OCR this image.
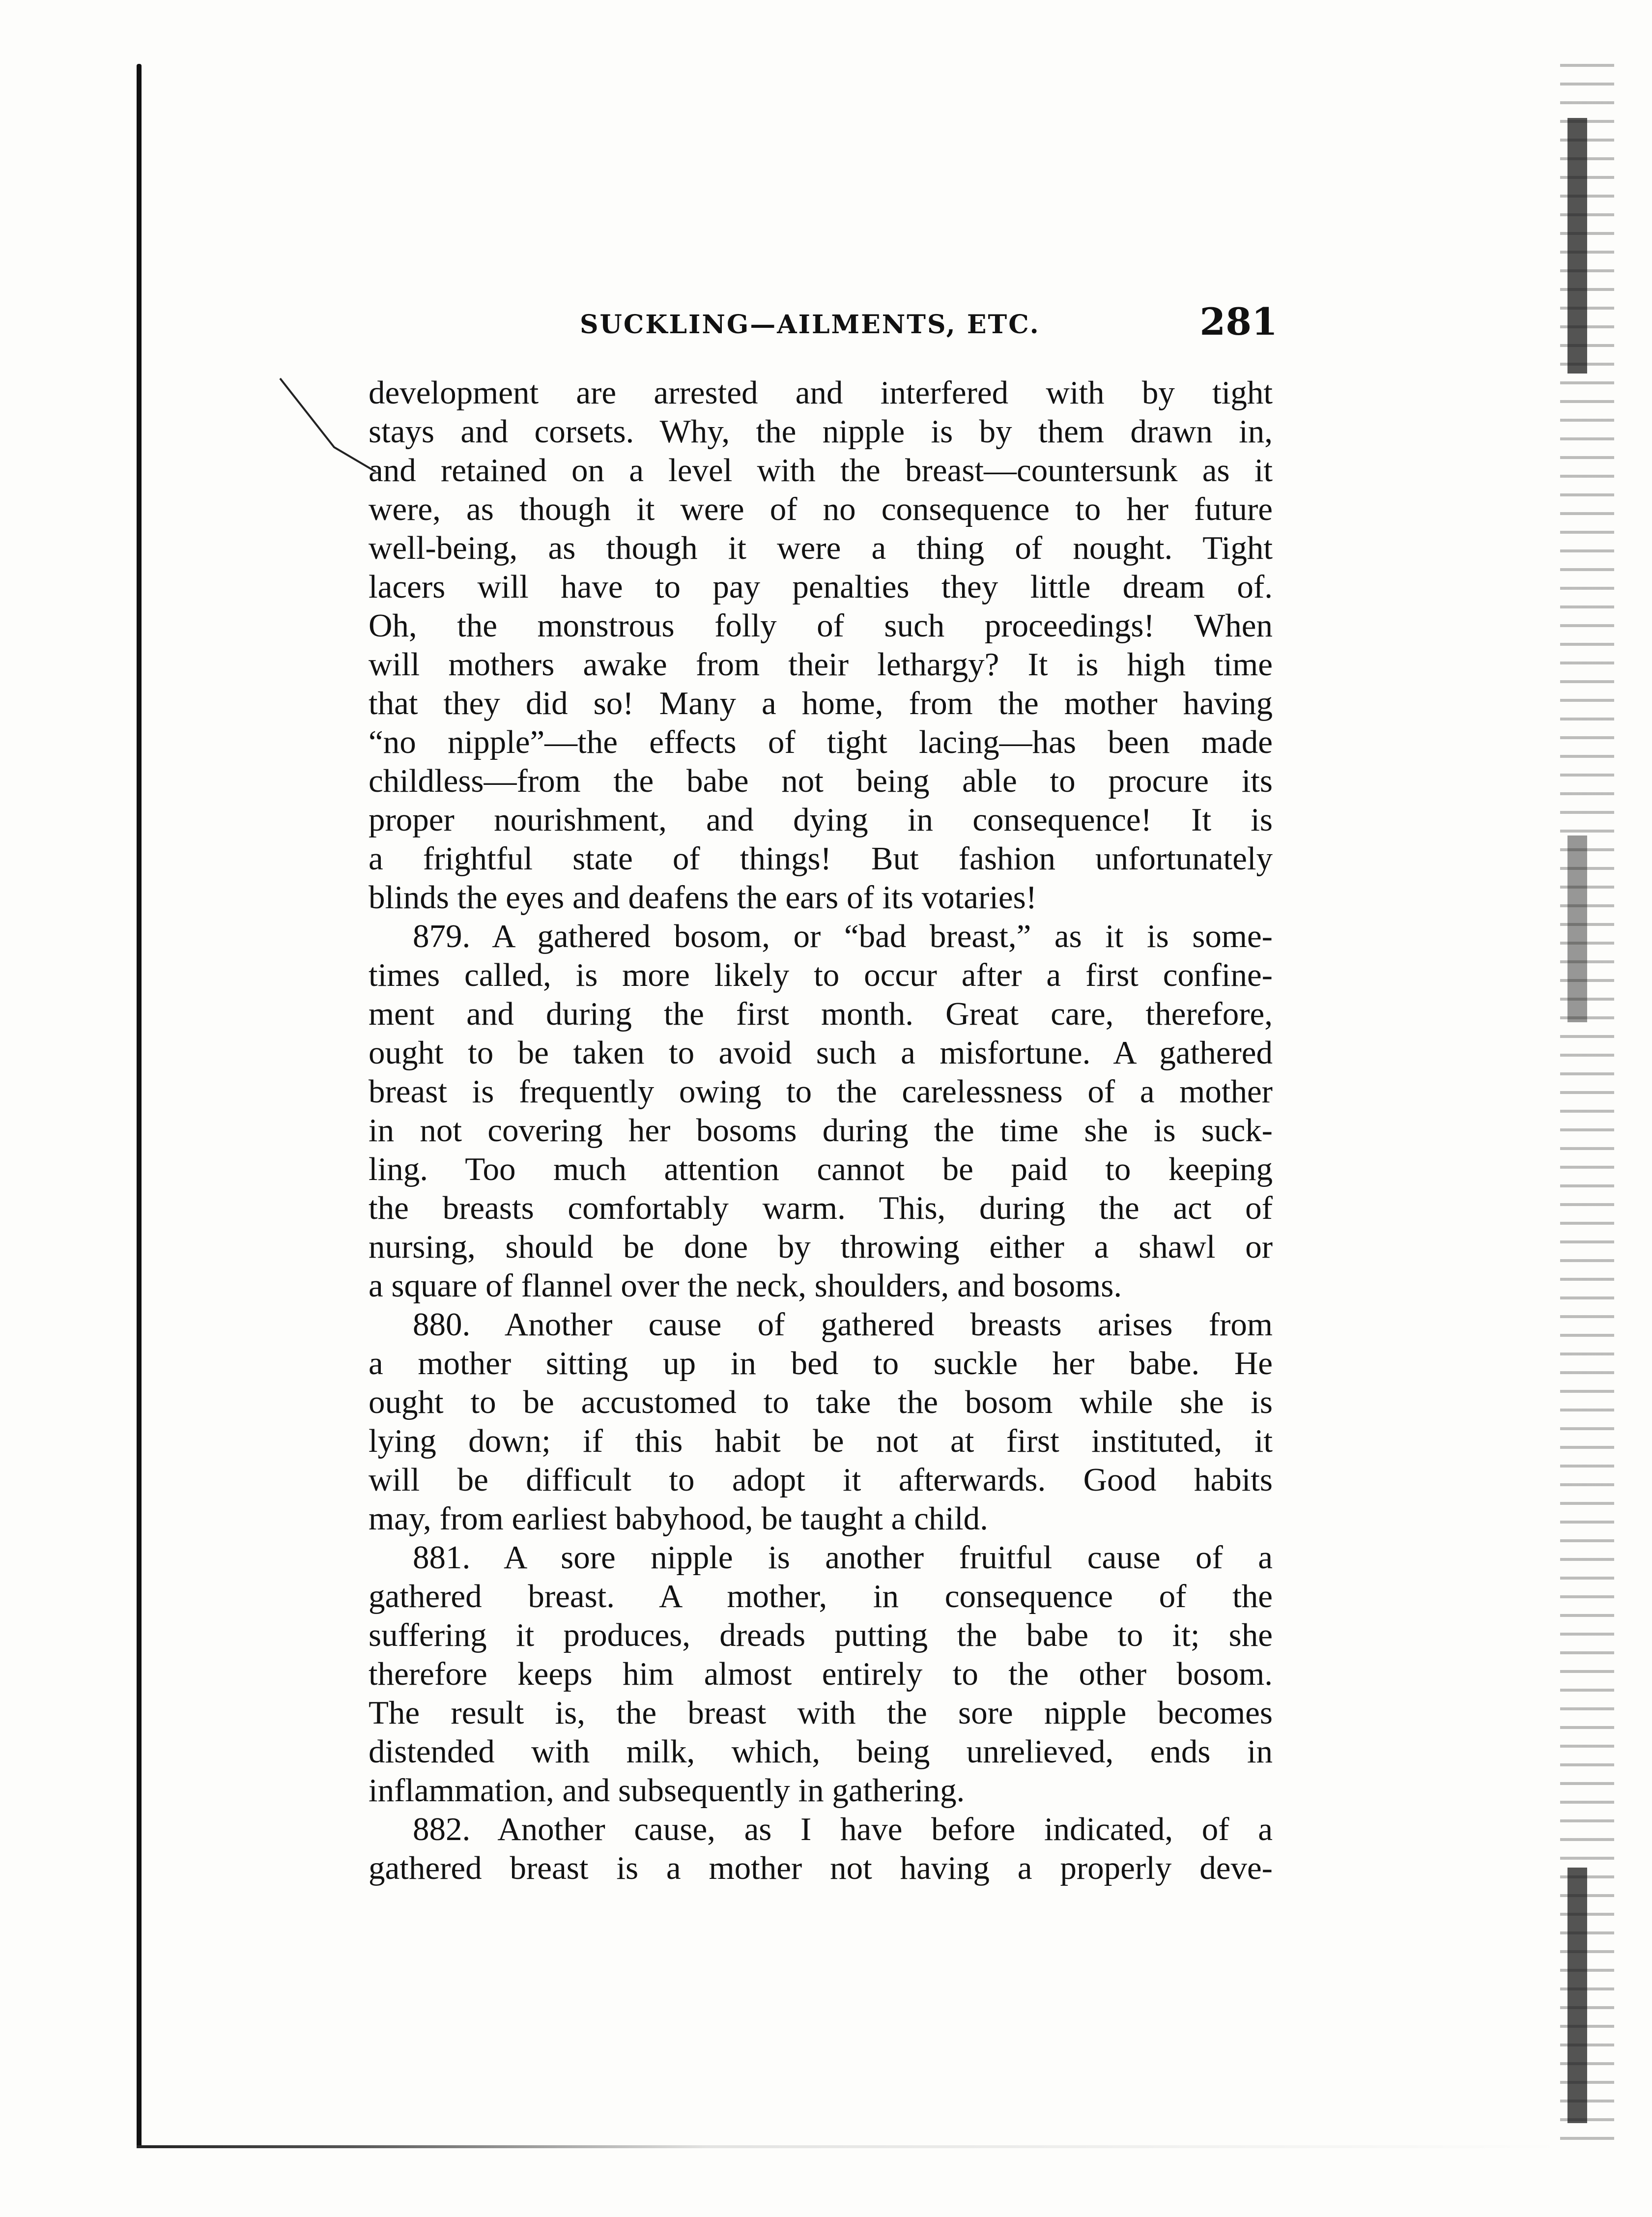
SUCKLING—AILMENTS, ETC.	281
development are arrested and interfered with by tight
stays and corsets. Why, the nipple is by them drawn in,
and retained on a level with the breast—countersunk as it
were, as though it were of no consequence to her future
well-being, as though it were a thing of nought. Tight
lacers will have to pay penalties they little dream of.
Oh, the monstrous folly of such proceedings! When
will mothers awake from their lethargy? It is high time
that they did so! Many a home, from the mother having
“no nipple”—the effects of tight lacing—has been made
childless—from the babe not being able to procure its
proper nourishment, and dying in consequence! It is
a frightful state of things! But fashion unfortunately
blinds the eyes and deafens the ears of its votaries!
879. A gathered bosom, or “bad breast,” as it is some-
times called, is more likely to occur after a first confine-
ment and during the first month. Great care, therefore,
ought to be taken to avoid such a misfortune. A gathered
breast is frequently owing to the carelessness of a mother
in not covering her bosoms during the time she is suck-
ling. Too much attention cannot be paid to keeping
the breasts comfortably warm. This, during the act of
nursing, should be done by throwing either a shawl or
a square of flannel over the neck, shoulders, and bosoms.
880. Another cause of gathered breasts arises from
a mother sitting up in bed to suckle her babe. He
ought to be accustomed to take the bosom while she is
lying down; if this habit be not at first instituted, it
will be difficult to adopt it afterwards. Good habits
may, from earliest babyhood, be taught a child.
881. A sore nipple is another fruitful cause of a
gathered breast. A mother, in consequence of the
suffering it produces, dreads putting the babe to it; she
therefore keeps him almost entirely to the other bosom.
The result is, the breast with the sore nipple becomes
distended with milk, which, being unrelieved, ends in
inflammation, and subsequently in gathering.
882. Another cause, as I have before indicated, of a
gathered breast is a mother not having a properly deve-
